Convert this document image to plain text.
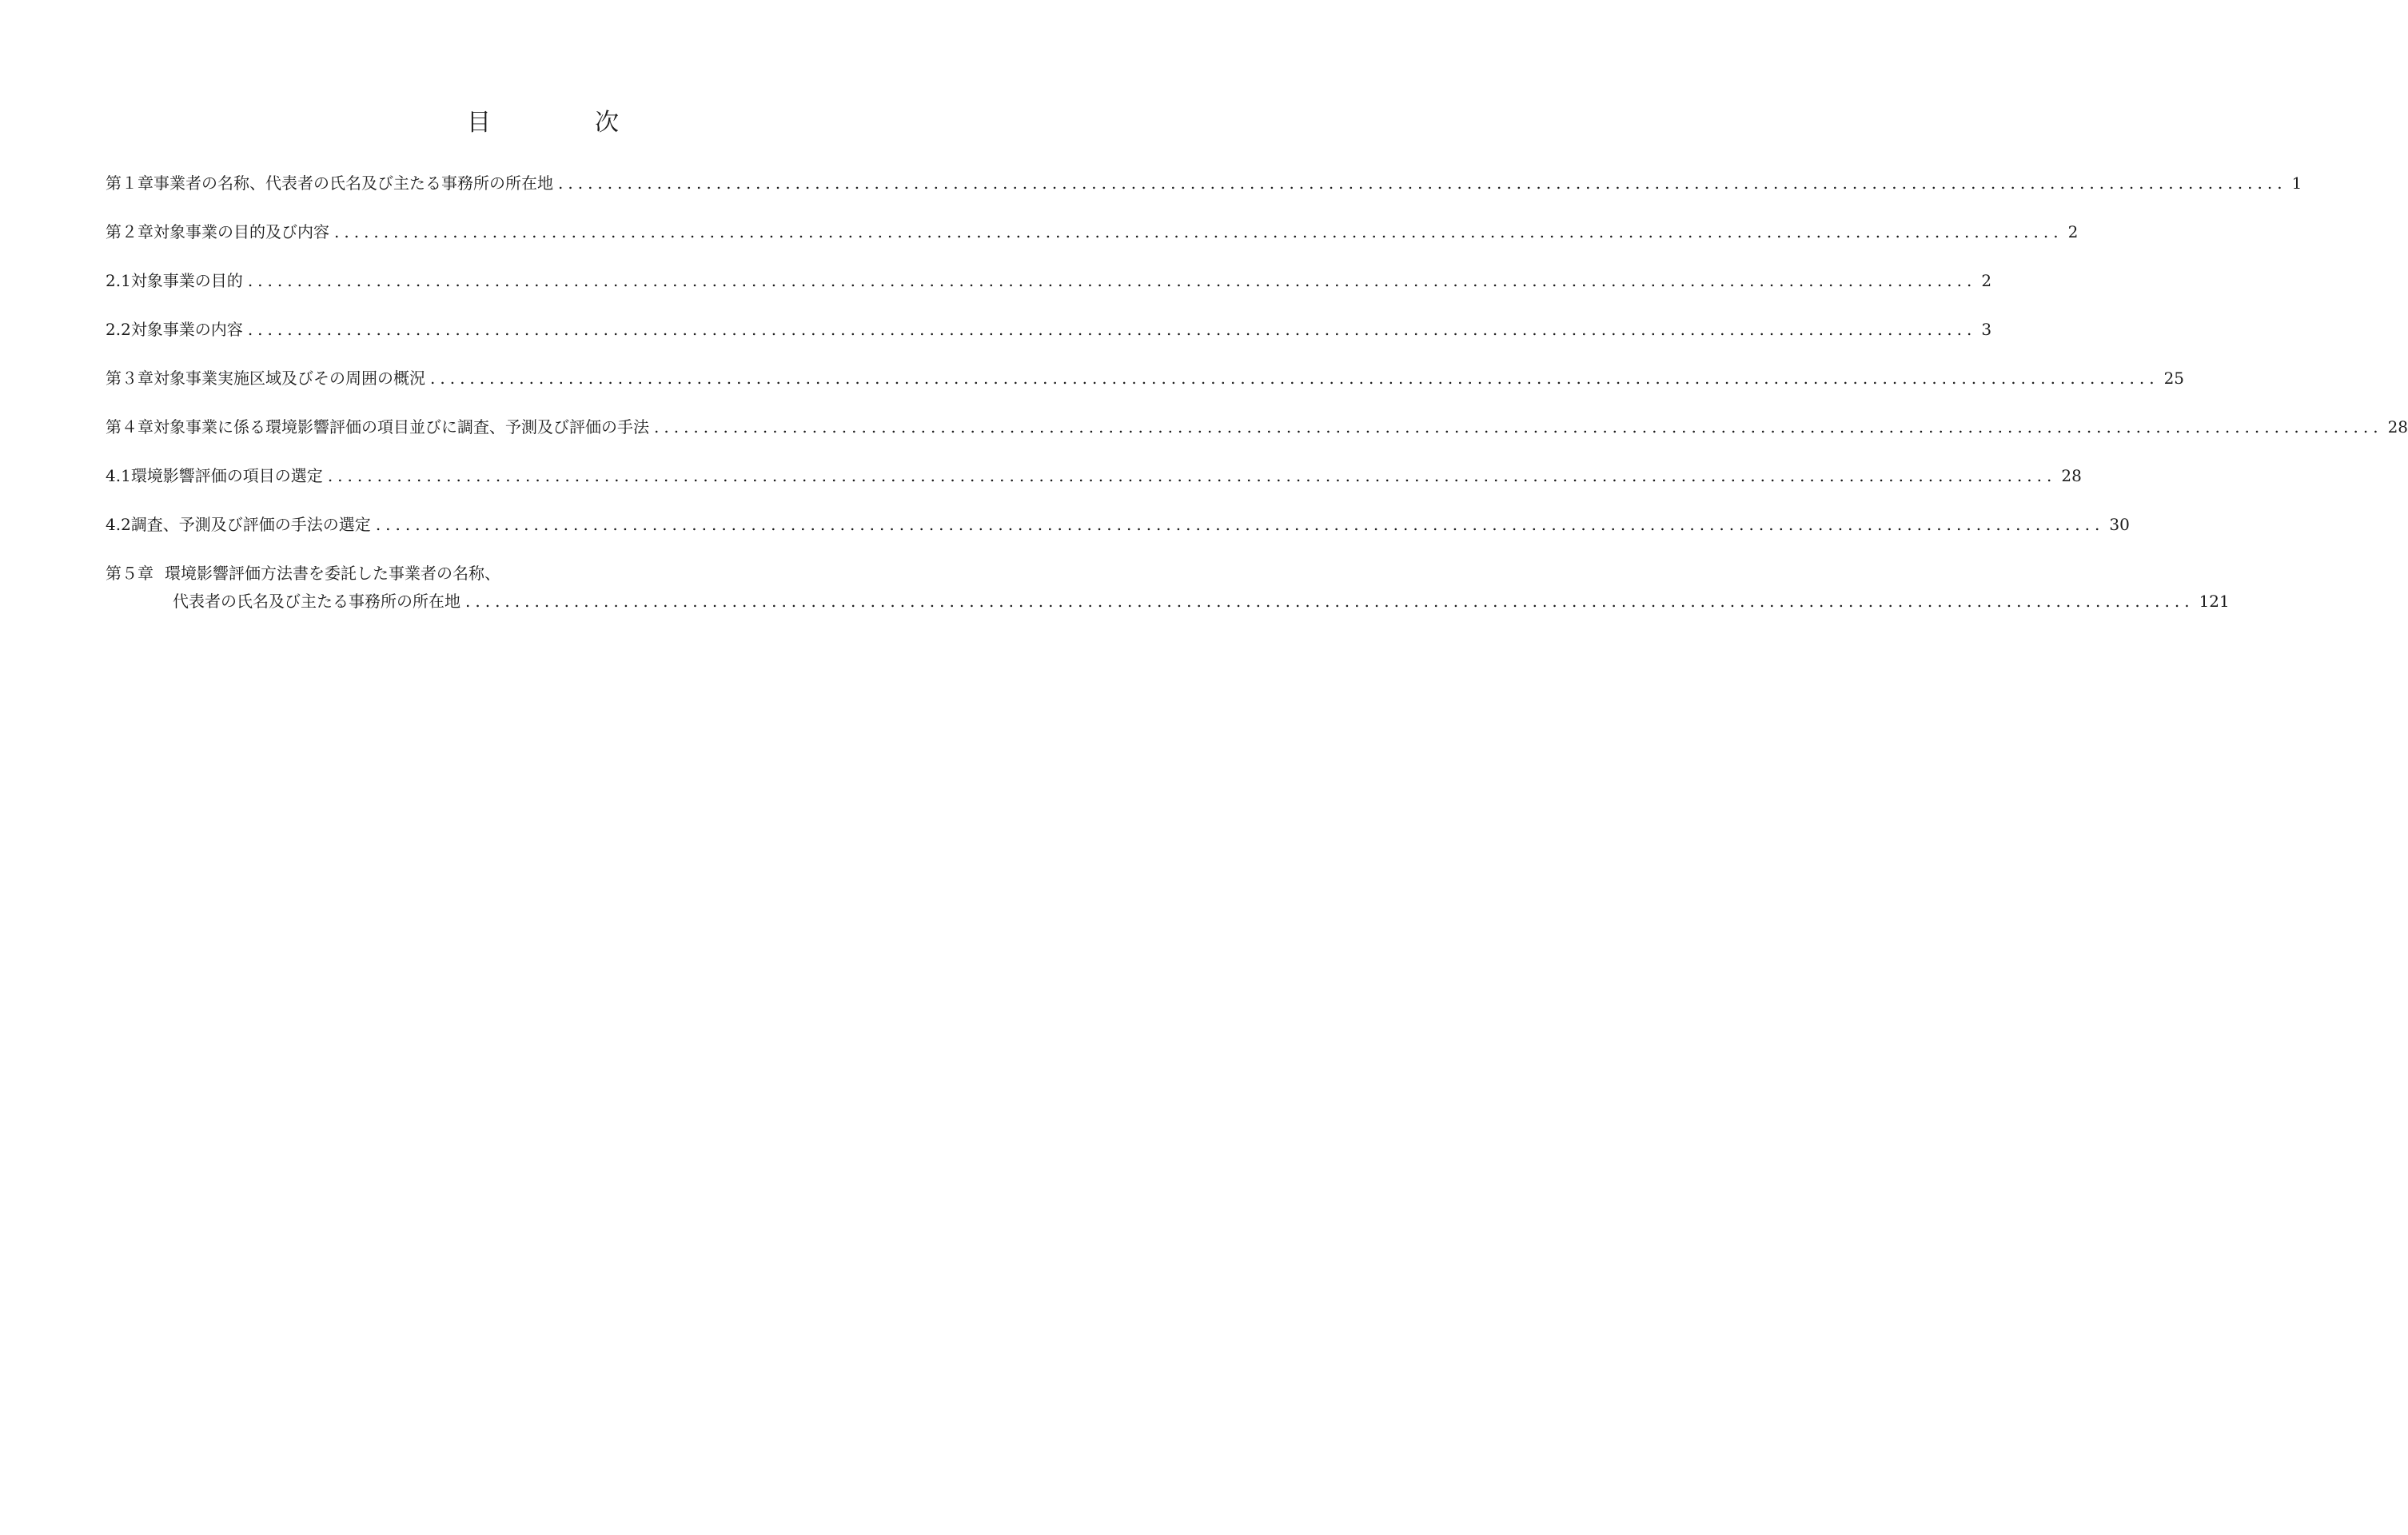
目　次
第１章 事業者の名称、代表者の氏名及び主たる事務所の所在地 ............................................................................................................................................................................... 1
第２章 対象事業の目的及び内容 ............................................................................................................................................................................... 2
2.1 対象事業の目的 ............................................................................................................................................................................... 2
2.2 対象事業の内容 ............................................................................................................................................................................... 3
第３章 対象事業実施区域及びその周囲の概況 ............................................................................................................................................................................... 25
第４章 対象事業に係る環境影響評価の項目並びに調査、予測及び評価の手法 ............................................................................................................................................................................... 28
4.1 環境影響評価の項目の選定 ............................................................................................................................................................................... 28
4.2 調査、予測及び評価の手法の選定 ............................................................................................................................................................................... 30
第５章 環境影響評価方法書を委託した事業者の名称、
代表者の氏名及び主たる事務所の所在地 ............................................................................................................................................................................... 121
